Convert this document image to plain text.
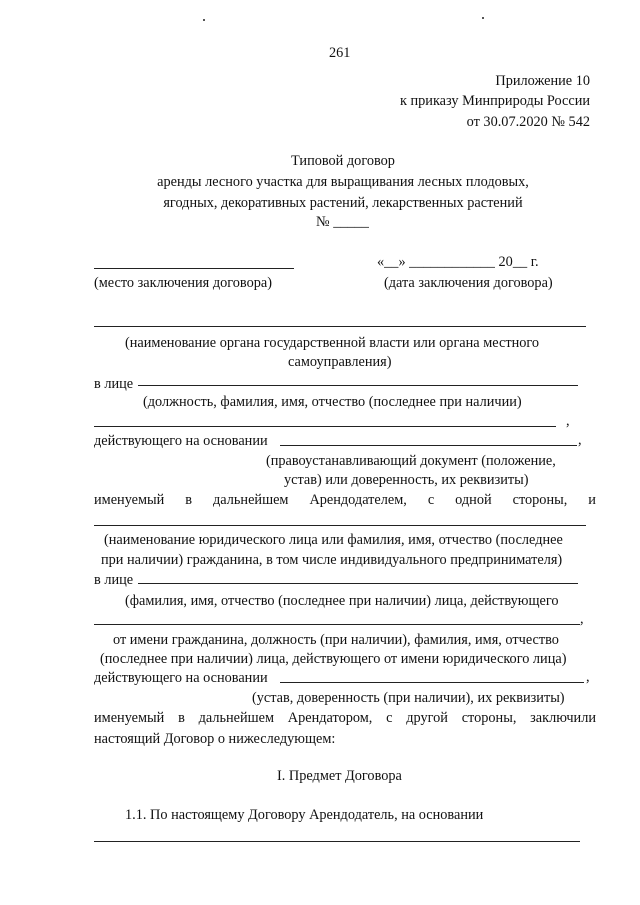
261
Приложение 10
к приказу Минприроды России
от 30.07.2020 № 542
Типовой договор
аренды лесного участка для выращивания лесных плодовых,
ягодных, декоративных растений, лекарственных растений
№ _____
«__» ____________ 20__ г.
(место заключения договора)	(дата заключения договора)
(наименование органа государственной власти или органа местного
самоуправления)
в лице
(должность, фамилия, имя, отчество (последнее при наличии)
,
действующего на основании	,
(правоустанавливающий документ (положение,
устав) или доверенность, их реквизиты)
именуемый в дальнейшем Арендодателем, с одной стороны, и
(наименование юридического лица или фамилия, имя, отчество (последнее
при наличии) гражданина, в том числе индивидуального предпринимателя)
в лице
(фамилия, имя, отчество (последнее при наличии) лица, действующего
,
от имени гражданина, должность (при наличии), фамилия, имя, отчество
(последнее при наличии) лица, действующего от имени юридического лица)
действующего на основании	,
(устав, доверенность (при наличии), их реквизиты)
именуемый в дальнейшем Арендатором, с другой стороны, заключили
настоящий Договор о нижеследующем:
I. Предмет Договора
1.1. По настоящему Договору Арендодатель, на основании
